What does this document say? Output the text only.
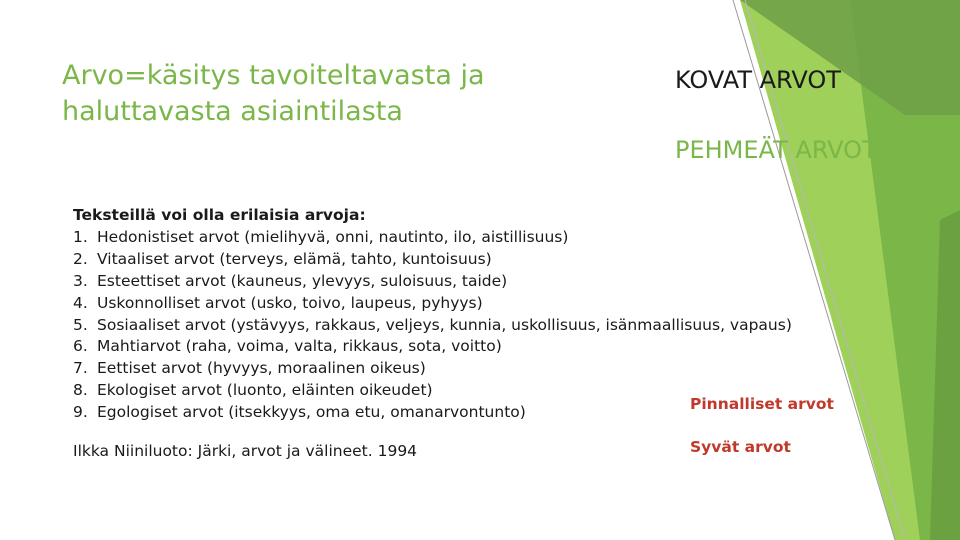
Arvo=käsitys tavoiteltavasta ja
haluttavasta asiaintilasta
KOVAT ARVOT
PEHMEÄT ARVOT
Teksteillä voi olla erilaisia arvoja:
1. Hedonistiset arvot (mielihyvä, onni, nautinto, ilo, aistillisuus)
2. Vitaaliset arvot (terveys, elämä, tahto, kuntoisuus)
3. Esteettiset arvot (kauneus, ylevyys, suloisuus, taide)
4. Uskonnolliset arvot (usko, toivo, laupeus, pyhyys)
5. Sosiaaliset arvot (ystävyys, rakkaus, veljeys, kunnia, uskollisuus, isänmaallisuus, vapaus)
6. Mahtiarvot (raha, voima, valta, rikkaus, sota, voitto)
7. Eettiset arvot (hyvyys, moraalinen oikeus)
8. Ekologiset arvot (luonto, eläinten oikeudet)
9. Egologiset arvot (itsekkyys, oma etu, omanarvontunto)
Ilkka Niiniluoto: Järki, arvot ja välineet. 1994
Pinnalliset arvot
Syvät arvot
